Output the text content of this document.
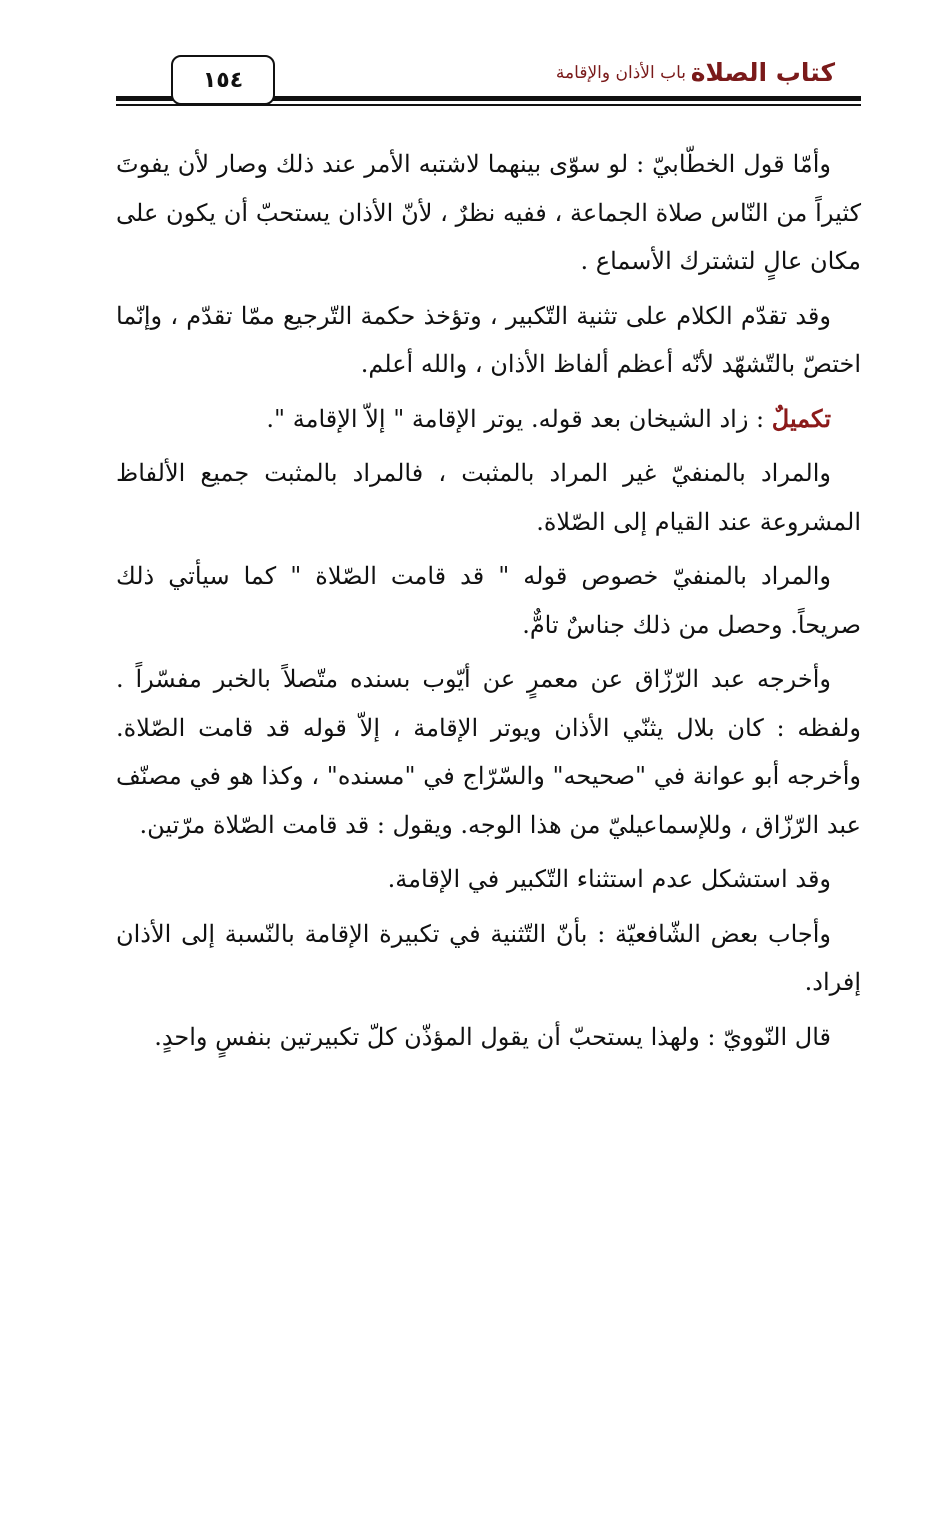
كتاب الصلاة
باب الأذان والإقامة
١٥٤

وأمّا قول الخطّابيّ : لو سوّى بينهما لاشتبه الأمر عند ذلك وصار لأن يفوتَ كثيراً من النّاس صلاة الجماعة ، ففيه نظرٌ ، لأنّ الأذان يستحبّ أن يكون على مكان عالٍ لتشترك الأسماع .

وقد تقدّم الكلام على تثنية التّكبير ، وتؤخذ حكمة التّرجيع ممّا تقدّم ، وإنّما اختصّ بالتّشهّد لأنّه أعظم ألفاظ الأذان ، والله أعلم.

تكميلٌ : زاد الشيخان بعد قوله. يوتر الإقامة " إلاّ الإقامة ".

والمراد بالمنفيّ غير المراد بالمثبت ، فالمراد بالمثبت جميع الألفاظ المشروعة عند القيام إلى الصّلاة.

والمراد بالمنفيّ خصوص قوله " قد قامت الصّلاة " كما سيأتي ذلك صريحاً. وحصل من ذلك جناسٌ تامٌّ.

وأخرجه عبد الرّزّاق عن معمرٍ عن أيّوب بسنده متّصلاً بالخبر مفسّراً . ولفظه : كان بلال يثنّي الأذان ويوتر الإقامة ، إلاّ قوله قد قامت الصّلاة. وأخرجه أبو عوانة في "صحيحه" والسّرّاج في "مسنده" ، وكذا هو في مصنّف عبد الرّزّاق ، وللإسماعيليّ من هذا الوجه. ويقول : قد قامت الصّلاة مرّتين.

وقد استشكل عدم استثناء التّكبير في الإقامة.

وأجاب بعض الشّافعيّة : بأنّ التّثنية في تكبيرة الإقامة بالنّسبة إلى الأذان إفراد.

قال النّوويّ : ولهذا يستحبّ أن يقول المؤذّن كلّ تكبيرتين بنفسٍ واحدٍ.
